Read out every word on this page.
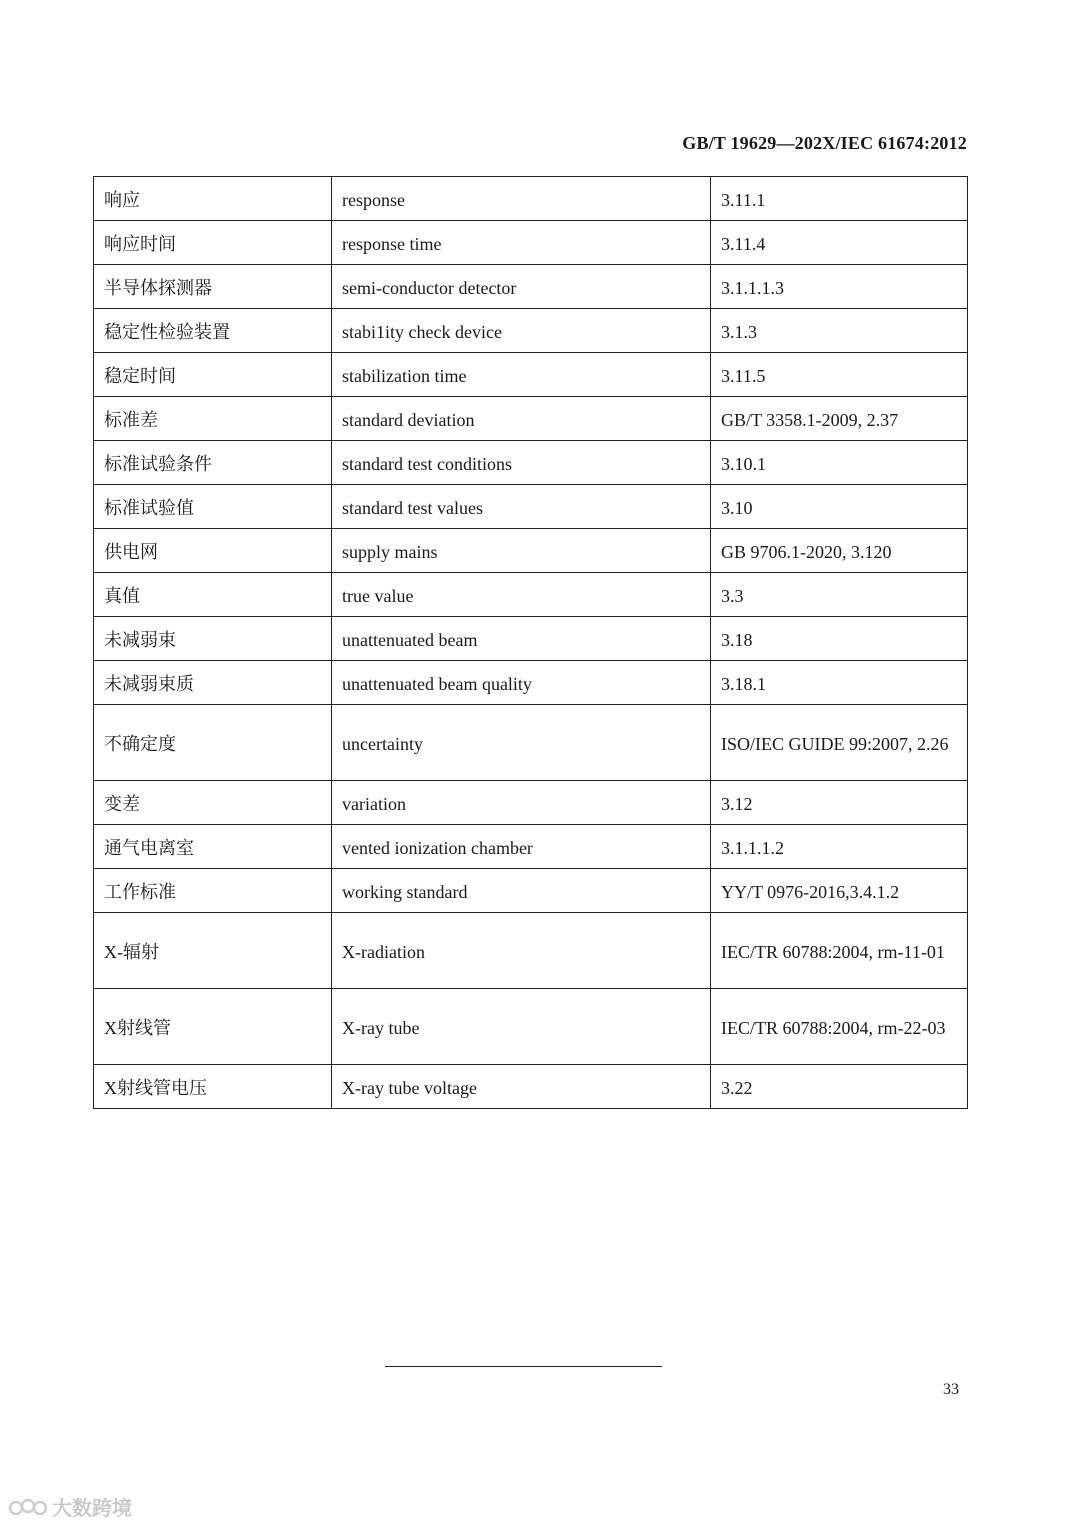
GB/T 19629—202X/IEC 61674:2012
响应	response	3.11.1
响应时间	response time	3.11.4
半导体探测器	semi-conductor detector	3.1.1.1.3
稳定性检验装置	stabi1ity check device	3.1.3
稳定时间	stabilization time	3.11.5
标准差	standard deviation	GB/T 3358.1-2009, 2.37
标准试验条件	standard test conditions	3.10.1
标准试验值	standard test values	3.10
供电网	supply mains	GB 9706.1-2020, 3.120
真值	true value	3.3
未减弱束	unattenuated beam	3.18
未减弱束质	unattenuated beam quality	3.18.1
不确定度	uncertainty	ISO/IEC GUIDE 99:2007, 2.26
变差	variation	3.12
通气电离室	vented ionization chamber	3.1.1.1.2
工作标准	working standard	YY/T 0976-2016,3.4.1.2
X-辐射	X-radiation	IEC/TR 60788:2004, rm-11-01
X射线管	X-ray tube	IEC/TR 60788:2004, rm-22-03
X射线管电压	X-ray tube voltage	3.22
33
大数跨境
